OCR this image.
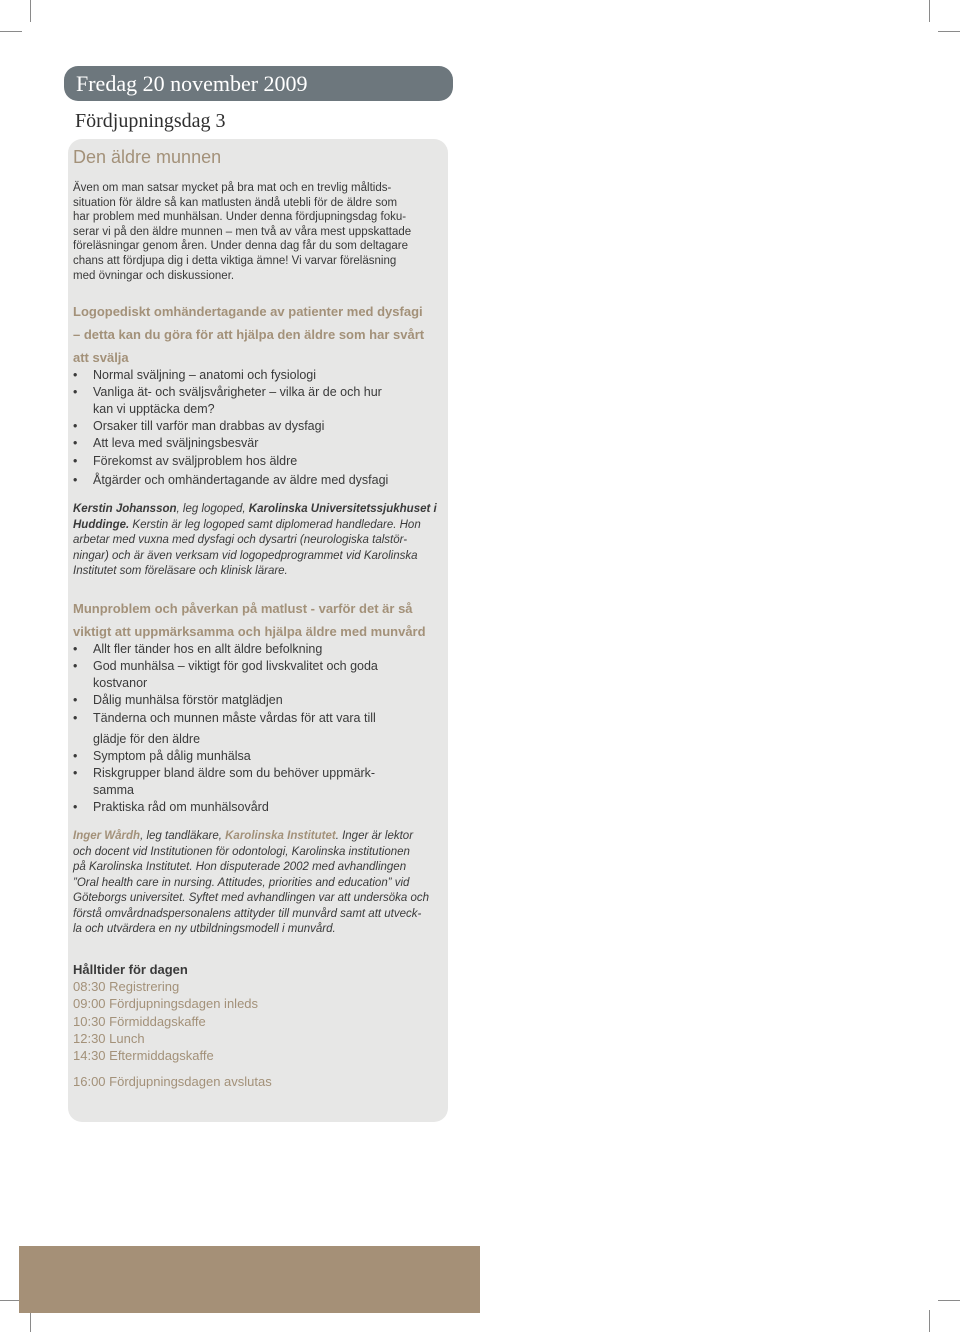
Fredag 20 november 2009
Fördjupningsdag 3
Den äldre munnen
Även om man satsar mycket på bra mat och en trevlig måltids-
situation för äldre så kan matlusten ändå utebli för de äldre som
har problem med munhälsan. Under denna fördjupningsdag foku-
serar vi på den äldre munnen – men två av våra mest uppskattade
föreläsningar genom åren. Under denna dag får du som deltagare
chans att fördjupa dig i detta viktiga ämne! Vi varvar föreläsning
med övningar och diskussioner.
Logopediskt omhändertagande av patienter med dysfagi
– detta kan du göra för att hjälpa den äldre som har svårt
att svälja
• Normal sväljning – anatomi och fysiologi
• Vanliga ät- och sväljsvårigheter – vilka är de och hur
kan vi upptäcka dem?
• Orsaker till varför man drabbas av dysfagi
• Att leva med sväljningsbesvär
• Förekomst av sväljproblem hos äldre
• Åtgärder och omhändertagande av äldre med dysfagi
Kerstin Johansson, leg logoped, Karolinska Universitetssjukhuset i
Huddinge. Kerstin är leg logoped samt diplomerad handledare. Hon
arbetar med vuxna med dysfagi och dysartri (neurologiska talstör-
ningar) och är även verksam vid logopedprogrammet vid Karolinska
Institutet som föreläsare och klinisk lärare.
Munproblem och påverkan på matlust - varför det är så
viktigt att uppmärksamma och hjälpa äldre med munvård
• Allt fler tänder hos en allt äldre befolkning
• God munhälsa – viktigt för god livskvalitet och goda
kostvanor
• Dålig munhälsa förstör matglädjen
• Tänderna och munnen måste vårdas för att vara till
glädje för den äldre
• Symptom på dålig munhälsa
• Riskgrupper bland äldre som du behöver uppmärk-
samma
• Praktiska råd om munhälsovård
Inger Wårdh, leg tandläkare, Karolinska Institutet. Inger är lektor
och docent vid Institutionen för odontologi, Karolinska institutionen
på Karolinska Institutet. Hon disputerade 2002 med avhandlingen
”Oral health care in nursing. Attitudes, priorities and education” vid
Göteborgs universitet. Syftet med avhandlingen var att undersöka och
förstå omvårdnadspersonalens attityder till munvård samt att utveck-
la och utvärdera en ny utbildningsmodell i munvård.
Hålltider för dagen
08:30 Registrering
09:00 Fördjupningsdagen inleds
10:30 Förmiddagskaffe
12:30 Lunch
14:30 Eftermiddagskaffe
16:00 Fördjupningsdagen avslutas
